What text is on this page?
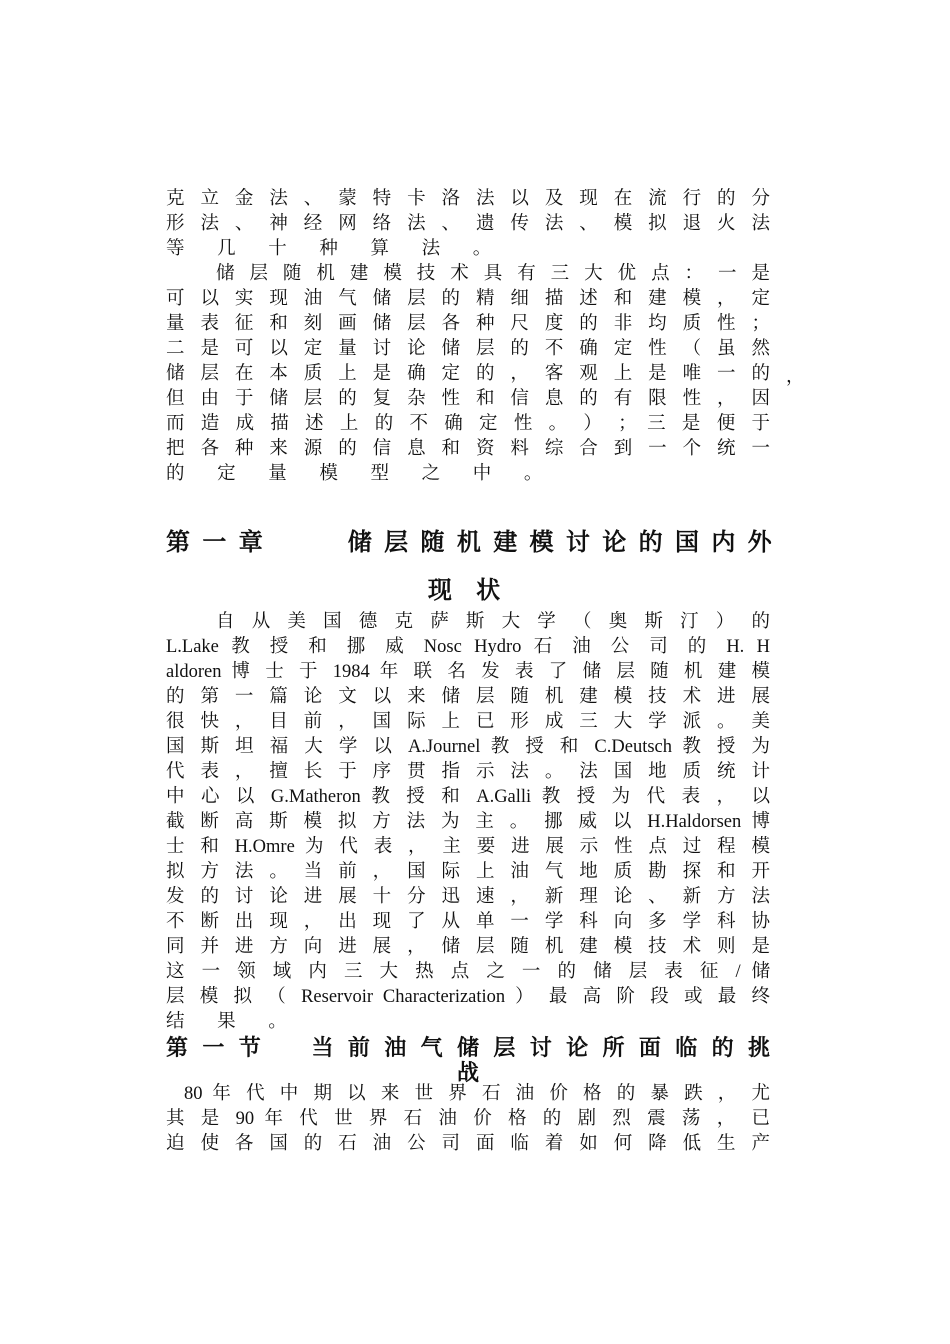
克 立 金 法 、 蒙 特 卡 洛 法 以 及 现 在 流 行 的 分
形 法 、 神 经 网 络 法 、 遗 传 法 、 模 拟 退 火 法
等 几 十 种 算 法 。
储 层 随 机 建 模 技 术 具 有 三 大 优 点 ： 一 是
可 以 实 现 油 气 储 层 的 精 细 描 述 和 建 模 ， 定
量 表 征 和 刻 画 储 层 各 种 尺 度 的 非 均 质 性 ；
二 是 可 以 定 量 讨 论 储 层 的 不 确 定 性 （ 虽 然
储 层 在 本 质 上 是 确 定 的 ， 客 观 上 是 唯 一 的 ，
但 由 于 储 层 的 复 杂 性 和 信 息 的 有 限 性 ， 因
而 造 成 描 述 上 的 不 确 定 性 。 ） ； 三 是 便 于
把 各 种 来 源 的 信 息 和 资 料 综 合 到 一 个 统 一
的 定 量 模 型 之 中 。
第 一 章 　 　 储 层 随 机 建 模 讨 论 的 国 内 外
现 状
自 从 美 国 德 克 萨 斯 大 学 （ 奥 斯 汀 ） 的
L.Lake 教 授 和 挪 威 Nosc Hydro 石 油 公 司 的 H. H
aldoren 博 士 于 1984 年 联 名 发 表 了 储 层 随 机 建 模
的 第 一 篇 论 文 以 来 储 层 随 机 建 模 技 术 进 展
很 快 ， 目 前 ， 国 际 上 已 形 成 三 大 学 派 。 美
国 斯 坦 福 大 学 以 A.Journel 教 授 和 C.Deutsch 教 授 为
代 表 ， 擅 长 于 序 贯 指 示 法 。 法 国 地 质 统 计
中 心 以 G.Matheron 教 授 和 A.Galli 教 授 为 代 表 ， 以
截 断 高 斯 模 拟 方 法 为 主 。 挪 威 以 H.Haldorsen 博
士 和 H.Omre 为 代 表 ， 主 要 进 展 示 性 点 过 程 模
拟 方 法 。 当 前 ， 国 际 上 油 气 地 质 勘 探 和 开
发 的 讨 论 进 展 十 分 迅 速 ， 新 理 论 、 新 方 法
不 断 出 现 ， 出 现 了 从 单 一 学 科 向 多 学 科 协
同 并 进 方 向 进 展 ， 储 层 随 机 建 模 技 术 则 是
这 一 领 域 内 三 大 热 点 之 一 的 储 层 表 征 / 储
层 模 拟 （ Reservoir Characterization ） 最 高 阶 段 或 最 终
结 果 。
第 一 节 　 当 前 油 气 储 层 讨 论 所 面 临 的 挑
战
80 年 代 中 期 以 来 世 界 石 油 价 格 的 暴 跌 ， 尤
其 是 90 年 代 世 界 石 油 价 格 的 剧 烈 震 荡 ， 已
迫 使 各 国 的 石 油 公 司 面 临 着 如 何 降 低 生 产
